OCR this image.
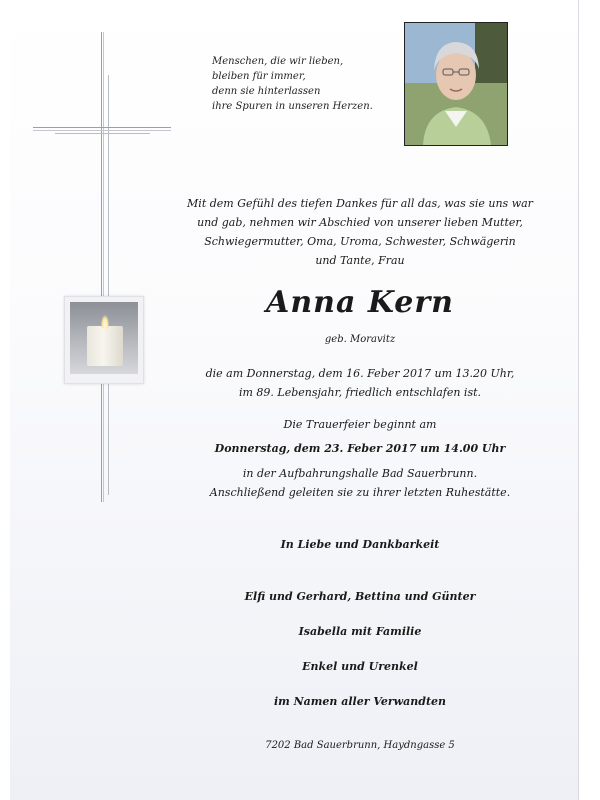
Menschen, die wir lieben,
bleiben für immer,
denn sie hinterlassen
ihre Spuren in unseren Herzen.
Mit dem Gefühl des tiefen Dankes für all das, was sie uns war
und gab, nehmen wir Abschied von unserer lieben Mutter,
Schwiegermutter, Oma, Uroma, Schwester, Schwägerin
und Tante, Frau
Anna Kern
geb. Moravitz
die am Donnerstag, dem 16. Feber 2017 um 13.20 Uhr,
im 89. Lebensjahr, friedlich entschlafen ist.
Die Trauerfeier beginnt am
Donnerstag, dem 23. Feber 2017 um 14.00 Uhr
in der Aufbahrungshalle Bad Sauerbrunn.
Anschließend geleiten sie zu ihrer letzten Ruhestätte.
In Liebe und Dankbarkeit
Elfi und Gerhard, Bettina und Günter
Isabella mit Familie
Enkel und Urenkel
im Namen aller Verwandten
7202 Bad Sauerbrunn, Haydngasse 5
